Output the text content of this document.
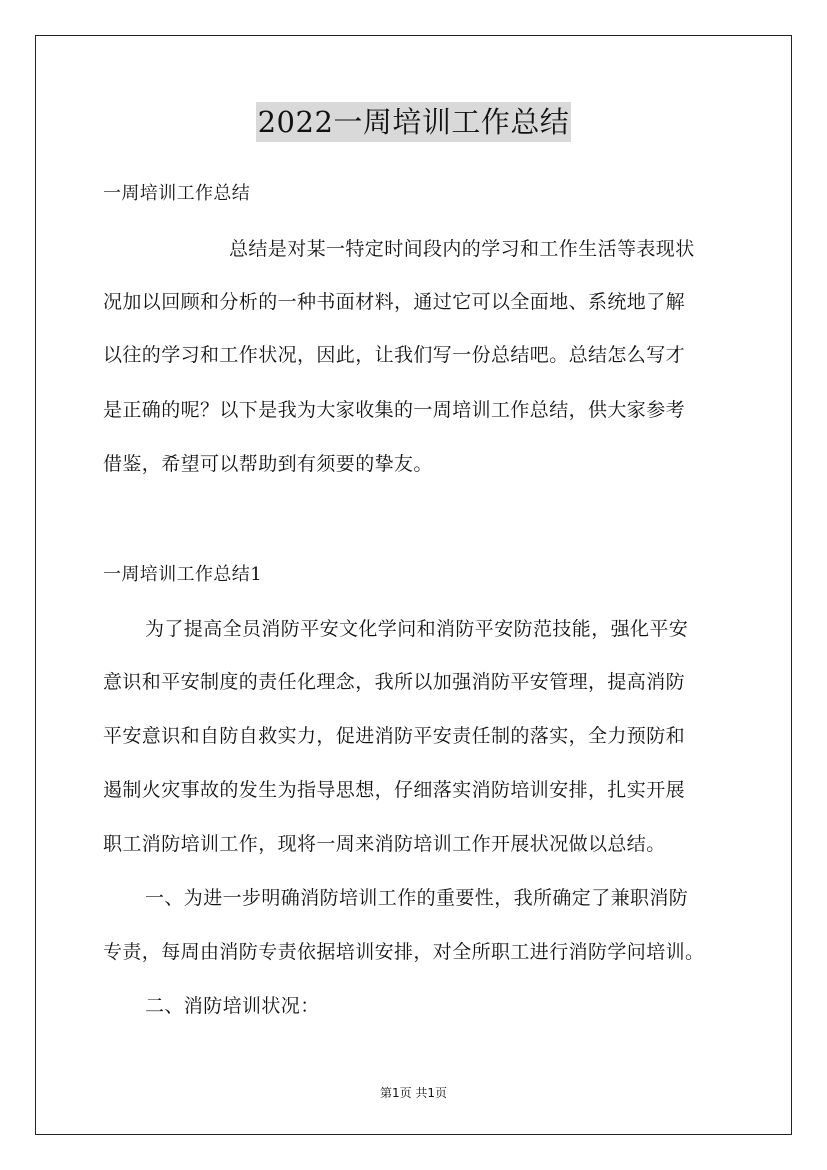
2022一周培训工作总结
一周培训工作总结
总结是对某一特定时间段内的学习和工作生活等表现状
况加以回顾和分析的一种书面材料，通过它可以全面地、系统地了解
以往的学习和工作状况，因此，让我们写一份总结吧。总结怎么写才
是正确的呢？以下是我为大家收集的一周培训工作总结，供大家参考
借鉴，希望可以帮助到有须要的挚友。
一周培训工作总结1
为了提高全员消防平安文化学问和消防平安防范技能，强化平安
意识和平安制度的责任化理念，我所以加强消防平安管理，提高消防
平安意识和自防自救实力，促进消防平安责任制的落实，全力预防和
遏制火灾事故的发生为指导思想，仔细落实消防培训安排，扎实开展
职工消防培训工作，现将一周来消防培训工作开展状况做以总结。
一、为进一步明确消防培训工作的重要性，我所确定了兼职消防
专责，每周由消防专责依据培训安排，对全所职工进行消防学问培训。
二、消防培训状况：
第1页 共1页
